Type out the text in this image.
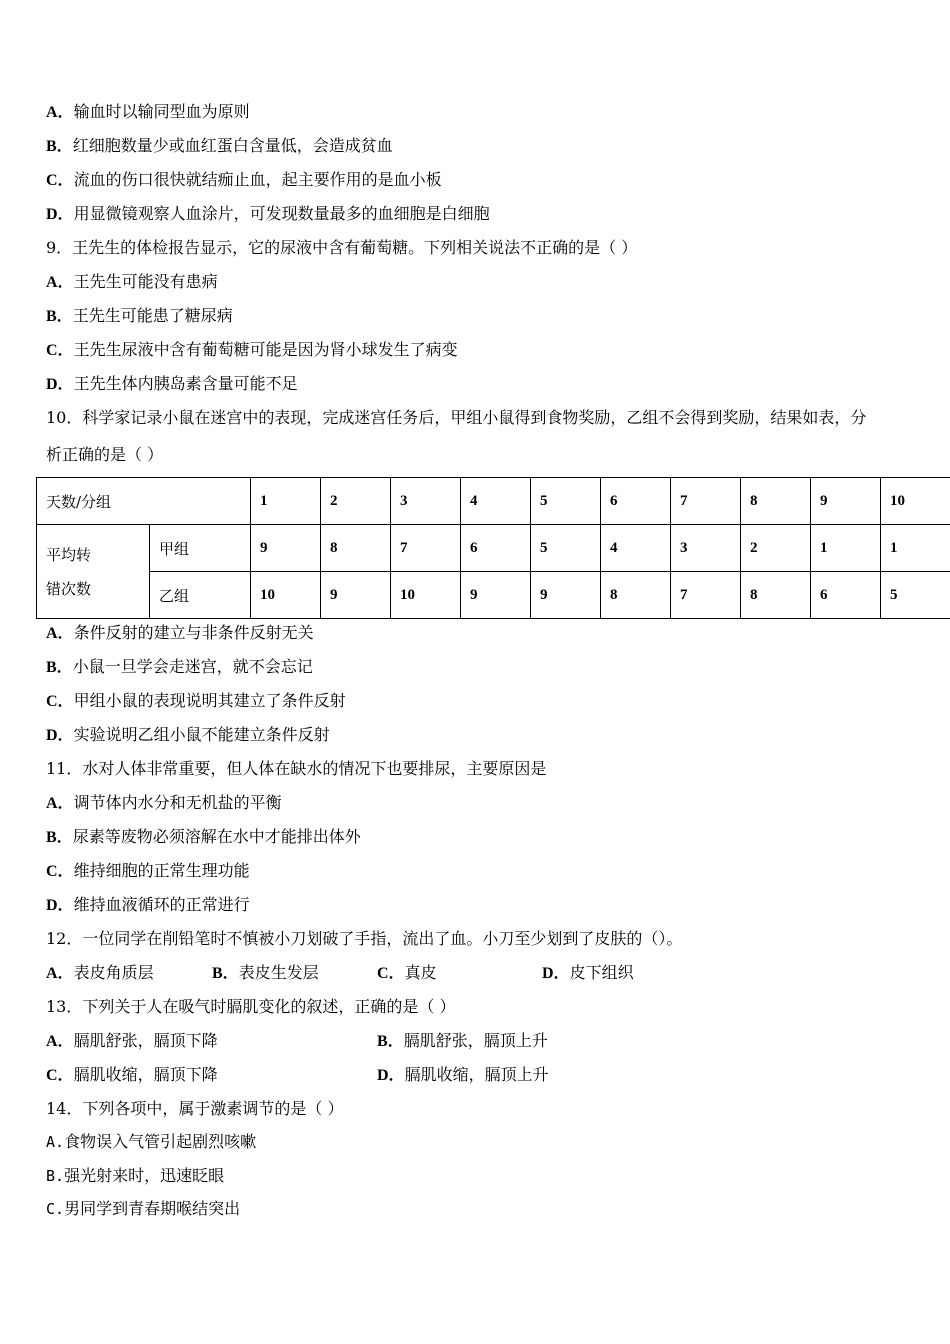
A．输血时以输同型血为原则
B．红细胞数量少或血红蛋白含量低，会造成贫血
C．流血的伤口很快就结痂止血，起主要作用的是血小板
D．用显微镜观察人血涂片，可发现数量最多的血细胞是白细胞
9．王先生的体检报告显示，它的尿液中含有葡萄糖。下列相关说法不正确的是（ ）
A．王先生可能没有患病
B．王先生可能患了糖尿病
C．王先生尿液中含有葡萄糖可能是因为肾小球发生了病变
D．王先生体内胰岛素含量可能不足
10．科学家记录小鼠在迷宫中的表现，完成迷宫任务后，甲组小鼠得到食物奖励，乙组不会得到奖励，结果如表，分
析正确的是（ ）
天数/分组		1	2	3	4	5	6	7	8	9	10
平均转
错次数	甲组	9	8	7	6	5	4	3	2	1	1
	乙组	10	9	10	9	9	8	7	8	6	5
A．条件反射的建立与非条件反射无关
B．小鼠一旦学会走迷宫，就不会忘记
C．甲组小鼠的表现说明其建立了条件反射
D．实验说明乙组小鼠不能建立条件反射
11．水对人体非常重要，但人体在缺水的情况下也要排尿，主要原因是
A．调节体内水分和无机盐的平衡
B．尿素等废物必须溶解在水中才能排出体外
C．维持细胞的正常生理功能
D．维持血液循环的正常进行
12．一位同学在削铅笔时不慎被小刀划破了手指，流出了血。小刀至少划到了皮肤的（）。
A．表皮角质层	B．表皮生发层	C．真皮	D．皮下组织
13．下列关于人在吸气时膈肌变化的叙述，正确的是（ ）
A．膈肌舒张，膈顶下降	B．膈肌舒张，膈顶上升
C．膈肌收缩，膈顶下降	D．膈肌收缩，膈顶上升
14．下列各项中，属于激素调节的是（ ）
A.食物误入气管引起剧烈咳嗽
B.强光射来时，迅速眨眼
C.男同学到青春期喉结突出
